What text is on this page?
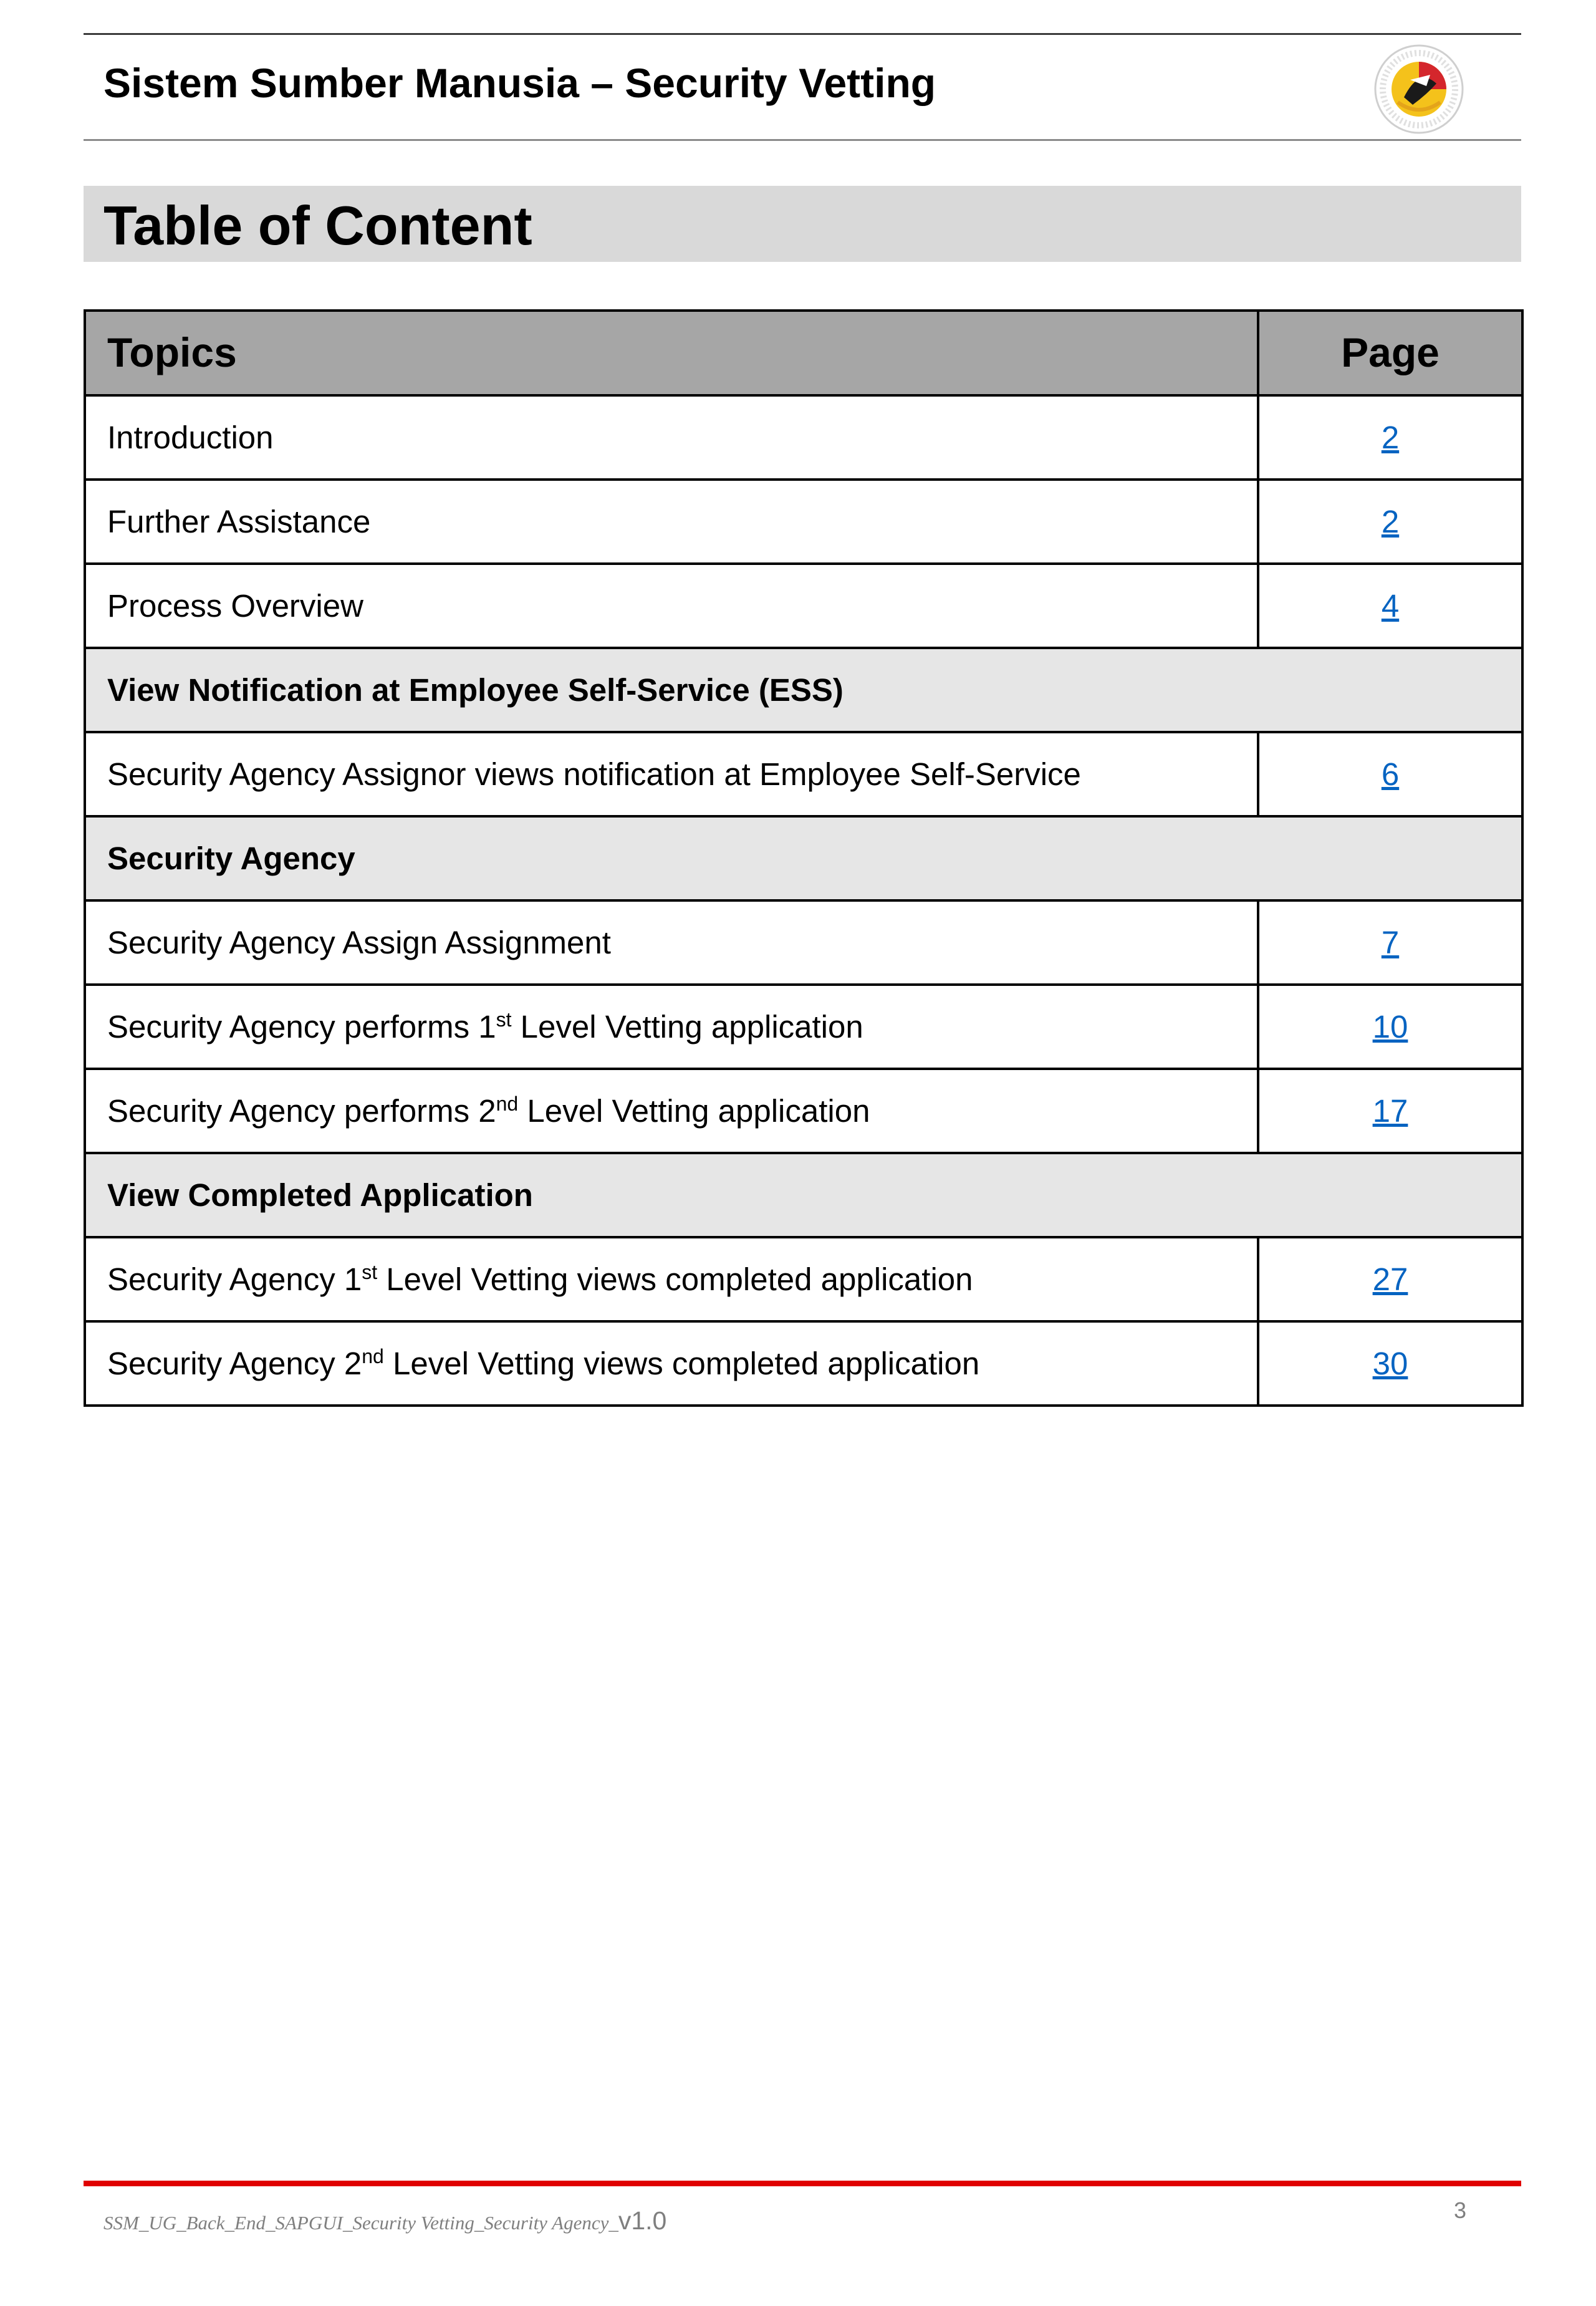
Sistem Sumber Manusia – Security Vetting
Table of Content
Topics	Page
Introduction	2
Further Assistance	2
Process Overview	4
View Notification at Employee Self-Service (ESS)	
Security Agency Assignor views notification at Employee Self-Service	6
Security Agency	
Security Agency Assign Assignment	7
Security Agency performs 1st Level Vetting application	10
Security Agency performs 2nd Level Vetting application	17
View Completed Application	
Security Agency 1st Level Vetting views completed application	27
Security Agency 2nd Level Vetting views completed application	30
SSM_UG_Back_End_SAPGUI_Security Vetting_Security Agency_v1.0	3
